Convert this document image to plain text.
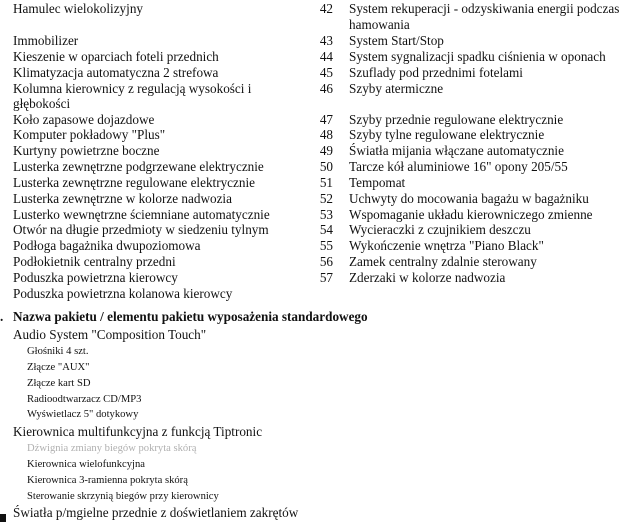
Hamulec wielokolizyjny
Immobilizer
Kieszenie w oparciach foteli przednich
Klimatyzacja automatyczna 2 strefowa
Kolumna kierownicy z regulacją wysokości i
głębokości
Koło zapasowe dojazdowe
Komputer pokładowy "Plus"
Kurtyny powietrzne boczne
Lusterka zewnętrzne podgrzewane elektrycznie
Lusterka zewnętrzne regulowane elektrycznie
Lusterka zewnętrzne w kolorze nadwozia
Lusterko wewnętrzne ściemniane automatycznie
Otwór na długie przedmioty w siedzeniu tylnym
Podłoga bagażnika dwupoziomowa
Podłokietnik centralny przedni
Poduszka powietrzna kierowcy
Poduszka powietrzna kolanowa kierowcy
42 System rekuperacji - odzyskiwania energii podczas
hamowania
43 System Start/Stop
44 System sygnalizacji spadku ciśnienia w oponach
45 Szuflady pod przednimi fotelami
46 Szyby atermiczne
47 Szyby przednie regulowane elektrycznie
48 Szyby tylne regulowane elektrycznie
49 Światła mijania włączane automatycznie
50 Tarcze kół aluminiowe 16" opony 205/55
51 Tempomat
52 Uchwyty do mocowania bagażu w bagażniku
53 Wspomaganie układu kierowniczego zmienne
54 Wycieraczki z czujnikiem deszczu
55 Wykończenie wnętrza "Piano Black"
56 Zamek centralny zdalnie sterowany
57 Zderzaki w kolorze nadwozia
. Nazwa pakietu / elementu pakietu wyposażenia standardowego
Audio System "Composition Touch"
Głośniki 4 szt.
Złącze "AUX"
Złącze kart SD
Radioodtwarzacz CD/MP3
Wyświetlacz 5" dotykowy
Kierownica multifunkcyjna z funkcją Tiptronic
Dźwignia zmiany biegów pokryta skórą
Kierownica wielofunkcyjna
Kierownica 3-ramienna pokryta skórą
Sterowanie skrzynią biegów przy kierownicy
Światła p/mgielne przednie z doświetlaniem zakrętów
